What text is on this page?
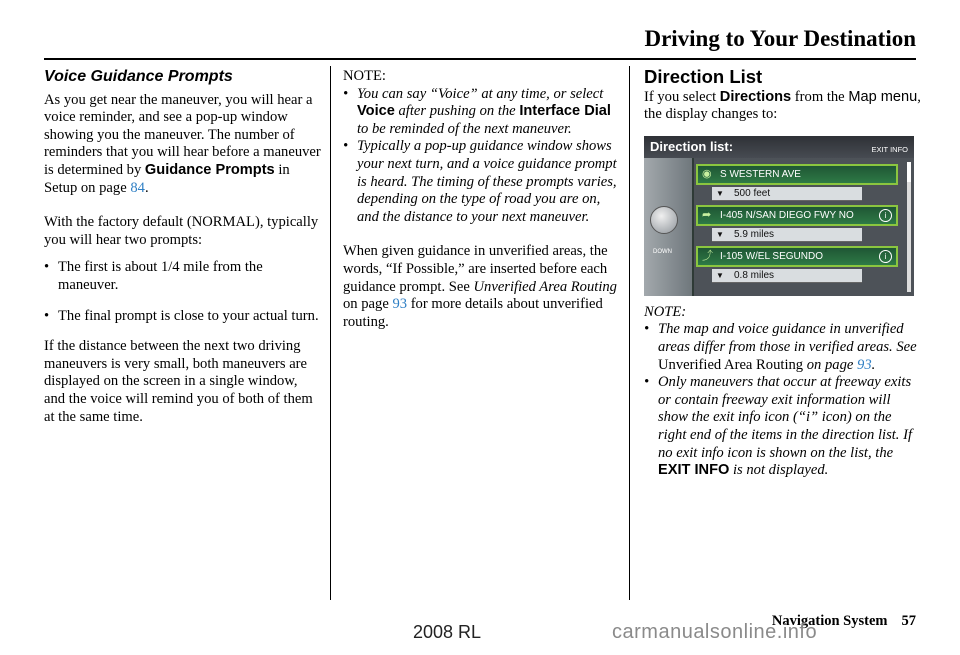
Driving to Your Destination
Voice Guidance Prompts

As you get near the maneuver, you will hear a voice reminder, and see a pop-up window showing you the maneuver. The number of reminders that you will hear before a maneuver is determined by Guidance Prompts in Setup on page 84.

With the factory default (NORMAL), typically you will hear two prompts:

• The first is about 1/4 mile from the maneuver.
• The final prompt is close to your actual turn.

If the distance between the next two driving maneuvers is very small, both maneuvers are displayed on the screen in a single window, and the voice will remind you of both of them at the same time.

NOTE:
• You can say “Voice” at any time, or select Voice after pushing on the Interface Dial to be reminded of the next maneuver.
• Typically a pop-up guidance window shows your next turn, and a voice guidance prompt is heard. The timing of these prompts varies, depending on the type of road you are on, and the distance to your next maneuver.

When given guidance in unverified areas, the words, “If Possible,” are inserted before each guidance prompt. See Unverified Area Routing on page 93 for more details about unverified routing.

Direction List
If you select Directions from the Map menu, the display changes to:
Direction list:	EXIT INFO
DOWN
◉ S WESTERN AVE
▼ 500 feet
➦ I-405 N/SAN DIEGO FWY NO	i
▼ 5.9 miles
⤴ I-105 W/EL SEGUNDO	i
▼ 0.8 miles
NOTE:
• The map and voice guidance in unverified areas differ from those in verified areas. See Unverified Area Routing on page 93.
• Only maneuvers that occur at freeway exits or contain freeway exit information will show the exit info icon (“i” icon) on the right end of the items in the direction list. If no exit info icon is shown on the list, the EXIT INFO is not displayed.
Navigation System 57
2008 RL	carmanualsonline.info
